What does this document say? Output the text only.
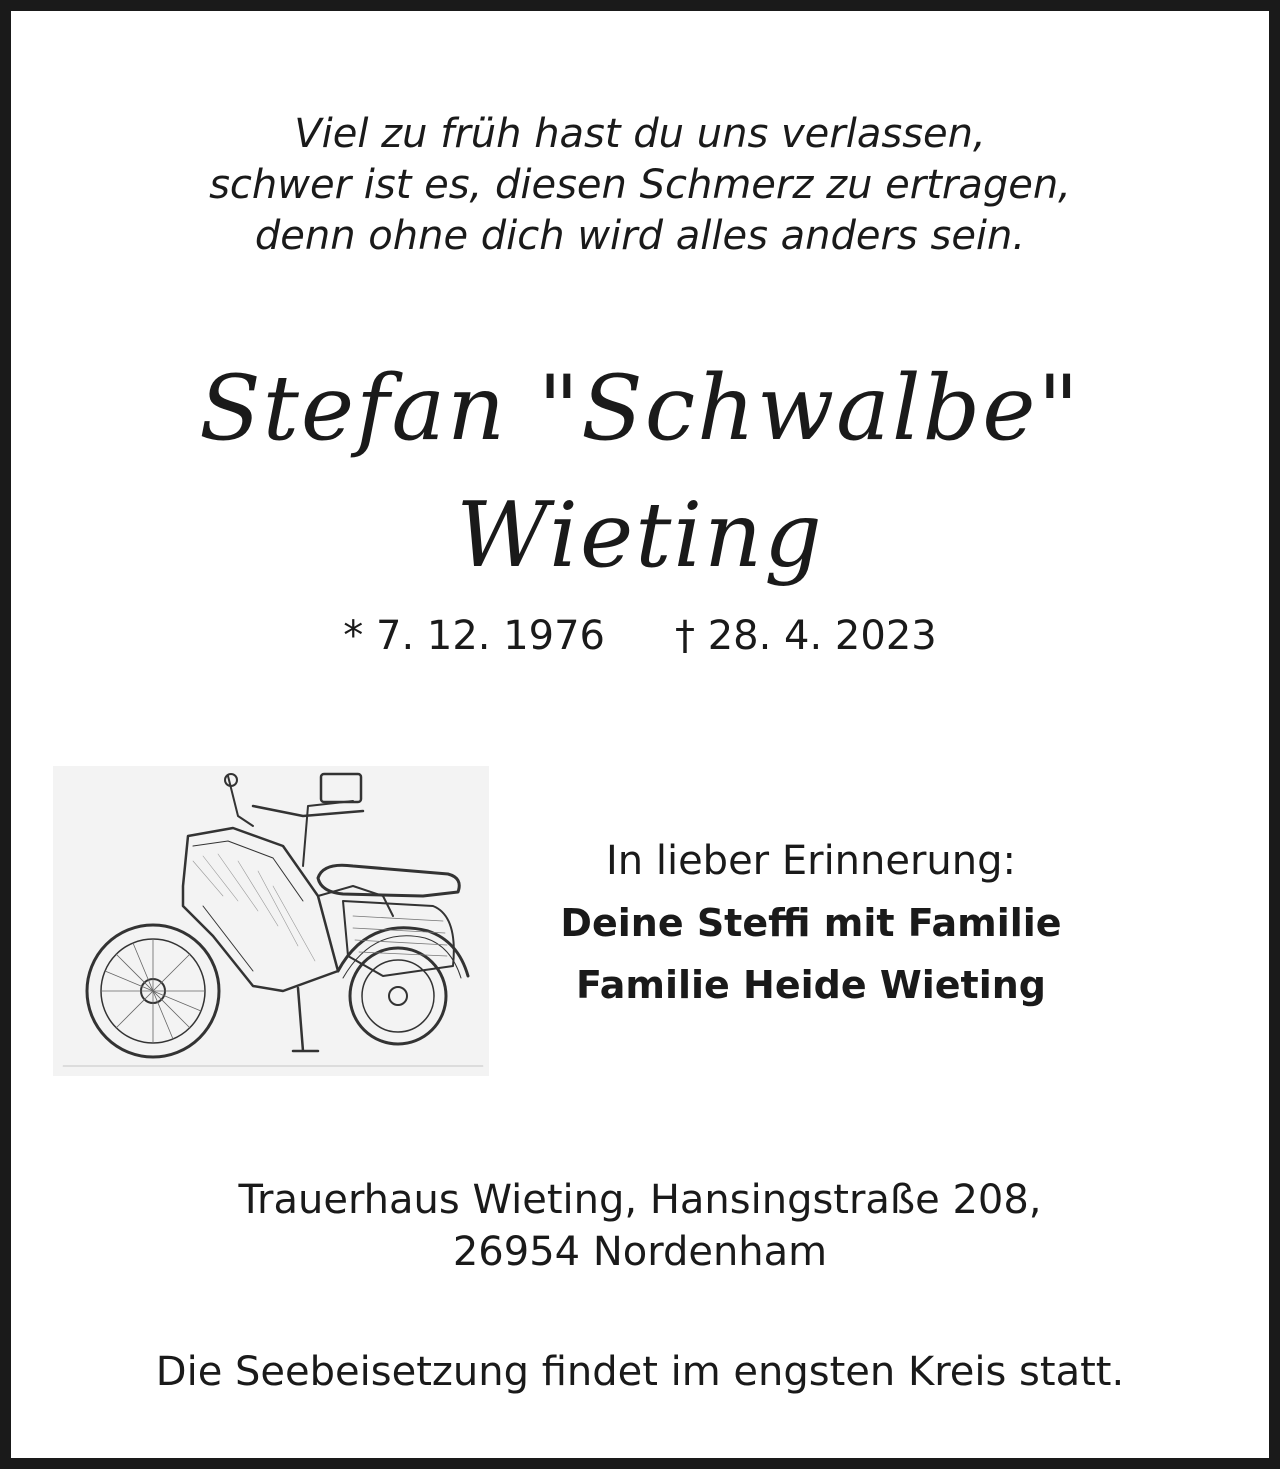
Viel zu früh hast du uns verlassen,
schwer ist es, diesen Schmerz zu ertragen,
denn ohne dich wird alles anders sein.
Stefan "Schwalbe"
Wieting
* 7. 12. 1976 † 28. 4. 2023
In lieber Erinnerung:
Deine Steffi mit Familie
Familie Heide Wieting
Trauerhaus Wieting, Hansingstraße 208,
26954 Nordenham
Die Seebeisetzung findet im engsten Kreis statt.
